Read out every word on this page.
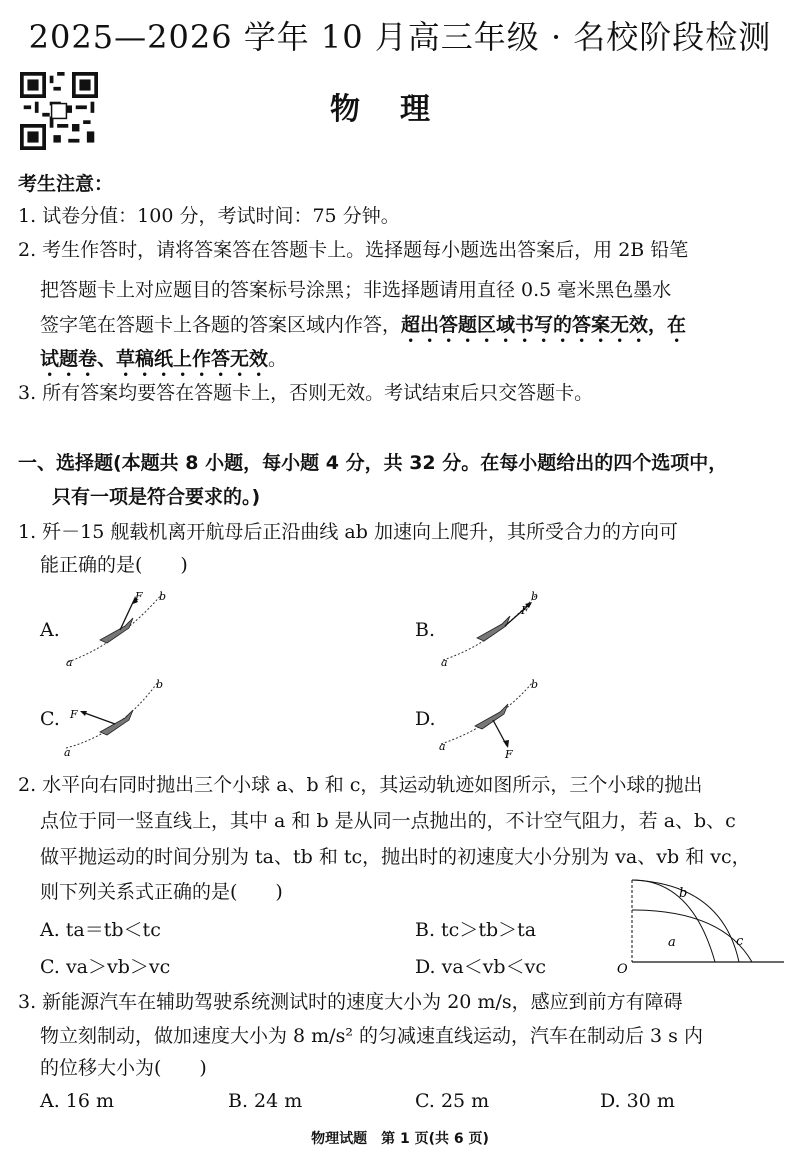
2025—2026 学年 10 月高三年级 · 名校阶段检测
物理
考生注意：
1. 试卷分值：100 分，考试时间：75 分钟。
2. 考生作答时，请将答案答在答题卡上。选择题每小题选出答案后，用 2B 铅笔
把答题卡上对应题目的答案标号涂黑；非选择题请用直径 0.5 毫米黑色墨水
签字笔在答题卡上各题的答案区域内作答，超出答题区域书写的答案无效，在
试题卷、草稿纸上作答无效。
3. 所有答案均要答在答题卡上，否则无效。考试结束后只交答题卡。
一、选择题(本题共 8 小题，每小题 4 分，共 32 分。在每小题给出的四个选项中，
只有一项是符合要求的。)
1. 歼－15 舰载机离开航母后正沿曲线 ab 加速向上爬升，其所受合力的方向可
能正确的是(　　)
A.	B.
C.	D.
F b
a
F
b
a
F
b
a	F
b
a
2. 水平向右同时抛出三个小球 a、b 和 c，其运动轨迹如图所示，三个小球的抛出
点位于同一竖直线上，其中 a 和 b 是从同一点抛出的，不计空气阻力，若 a、b、c
做平抛运动的时间分别为 ta、tb 和 tc，抛出时的初速度大小分别为 va、vb 和 vc，
则下列关系式正确的是(　　)
A. ta＝tb＜tc	B. tc＞tb＞ta
C. va＞vb＞vc	D. va＜vb＜vc
b
a	c
O
3. 新能源汽车在辅助驾驶系统测试时的速度大小为 20 m/s，感应到前方有障碍
物立刻制动，做加速度大小为 8 m/s² 的匀减速直线运动，汽车在制动后 3 s 内
的位移大小为(　　)
A. 16 m	B. 24 m	C. 25 m	D. 30 m
物理试题　第 1 页(共 6 页)
